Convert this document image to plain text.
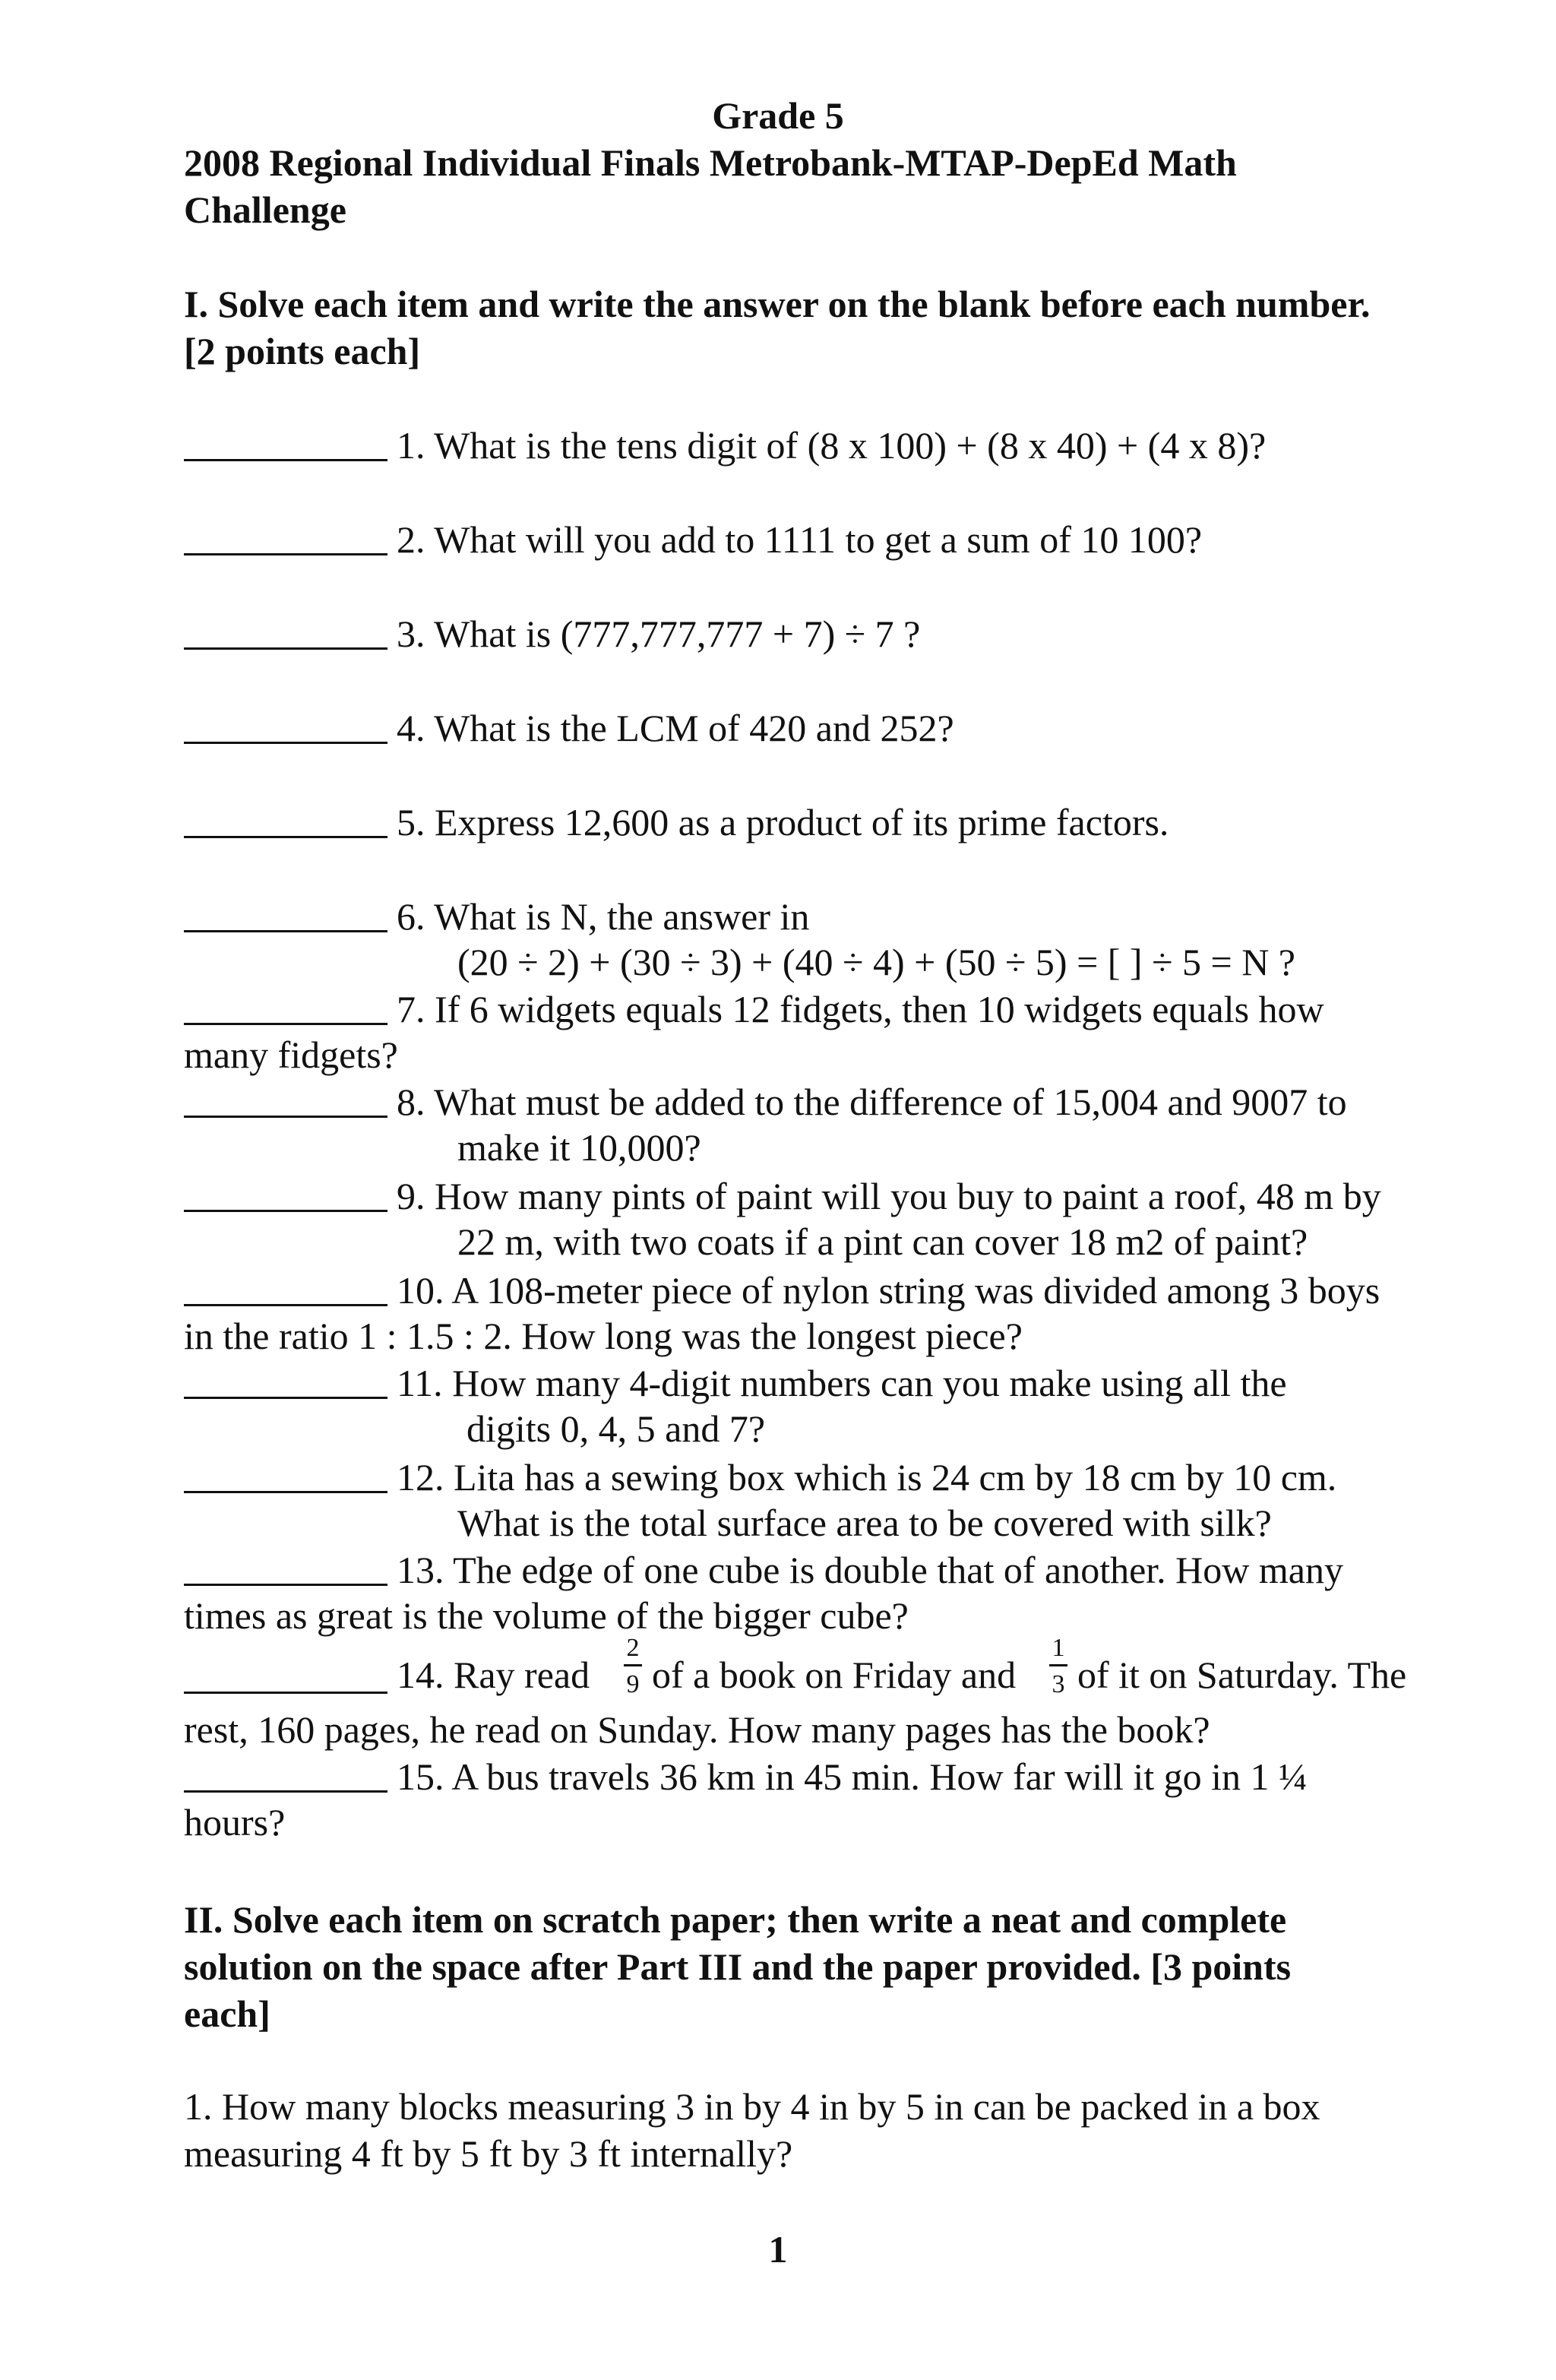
Grade 5
2008 Regional Individual Finals Metrobank-MTAP-DepEd Math
Challenge
I. Solve each item and write the answer on the blank before each number.
[2 points each]
1. What is the tens digit of (8 x 100) + (8 x 40) + (4 x 8)?
2. What will you add to 1111 to get a sum of 10 100?
3. What is (777,777,777 + 7) ÷ 7 ?
4. What is the LCM of 420 and 252?
5. Express 12,600 as a product of its prime factors.
6. What is N, the answer in
(20 ÷ 2) + (30 ÷ 3) + (40 ÷ 4) + (50 ÷ 5) = [ ] ÷ 5 = N ?
7. If 6 widgets equals 12 fidgets, then 10 widgets equals how
many fidgets?
8. What must be added to the difference of 15,004 and 9007 to
make it 10,000?
9. How many pints of paint will you buy to paint a roof, 48 m by
22 m, with two coats if a pint can cover 18 m2 of paint?
10. A 108-meter piece of nylon string was divided among 3 boys
in the ratio 1 : 1.5 : 2. How long was the longest piece?
11. How many 4-digit numbers can you make using all the
digits 0, 4, 5 and 7?
12. Lita has a sewing box which is 24 cm by 18 cm by 10 cm.
What is the total surface area to be covered with silk?
13. The edge of one cube is double that of another. How many
times as great is the volume of the bigger cube?
14. Ray read
2
9 of a book on Friday and
1
3 of it on Saturday. The
rest, 160 pages, he read on Sunday. How many pages has the book?
15. A bus travels 36 km in 45 min. How far will it go in 1 ¼
hours?
II. Solve each item on scratch paper; then write a neat and complete
solution on the space after Part III and the paper provided. [3 points
each]
1. How many blocks measuring 3 in by 4 in by 5 in can be packed in a box
measuring 4 ft by 5 ft by 3 ft internally?
1
